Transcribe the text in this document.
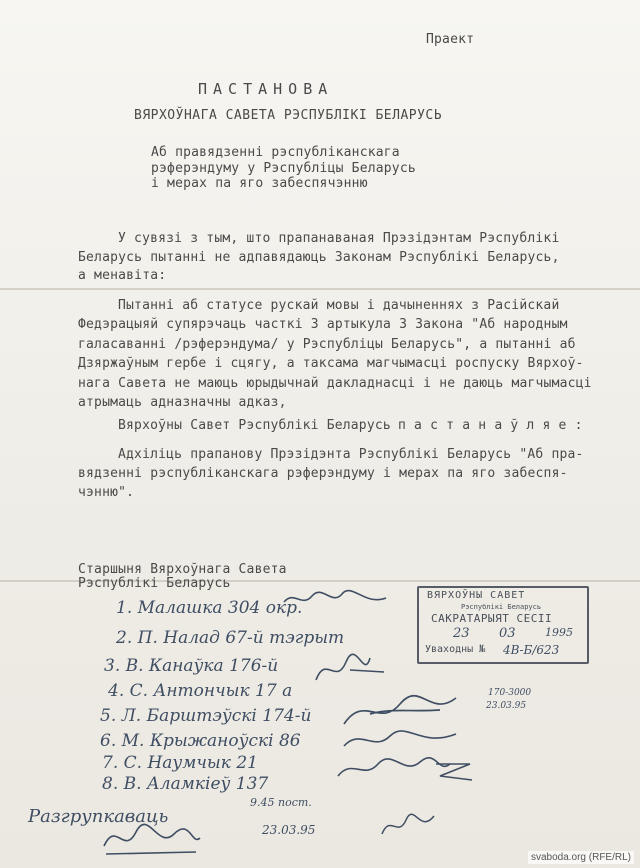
Праект
ПАСТАНОВА
ВЯРХОЎНАГА САВЕТА РЭСПУБЛІКІ БЕЛАРУСЬ
Аб правядзенні рэспубліканскага
рэферэндуму у Рэспубліцы Беларусь
і мерах па яго забеспячэнню
У сувязі з тым, што прапанаваная Прэзідэнтам Рэспублікі
Беларусь пытанні не адпавядаюць Законам Рэспублікі Беларусь,
а менавіта:
Пытанні аб статусе рускай мовы і дачыненнях з Расійскай
Федэрацыяй супярэчаць часткі 3 артыкула 3 Закона "Аб народным
галасаванні /рэферэндума/ у Рэспубліцы Беларусь", а пытанні аб
Дзяржаўным гербе і сцягу, а таксама магчымасці роспуску Вярхоў-
нага Савета не маюць юрыдычнай дакладнасці і не даюць магчымасці
атрымаць адназначны адказ,
Вярхоўны Савет Рэспублікі Беларусь п а с т а н а ў л я е :
Адхіліць прапанову Прэзідэнта Рэспублікі Беларусь "Аб пра-
вядзенні рэспубліканскага рэферэндуму і мерах па яго забеспя-
чэнню".
Старшыня Вярхоўнага Савета
Рэспублікі Беларусь
ВЯРХОЎНЫ САВЕТ
Рэспублікі Беларусь
САКРАТАРЫЯТ СЕСІІ
23 03	1995
Уваходны № 4В-Б/623
1. Малашка 304 окр.
2. П. Налад 67-й тэгрыт
3. В. Канаўка 176-й
4. С. Антончык 17 а
5. Л. Барштэўскі 174-й
6. М. Крыжаноўскі 86
7. С. Наумчык 21
8. В. Аламкіеў 137
170-3000
23.03.95
9.45 пост.
Разгрупкаваць
23.03.95
svaboda.org (RFE/RL)
